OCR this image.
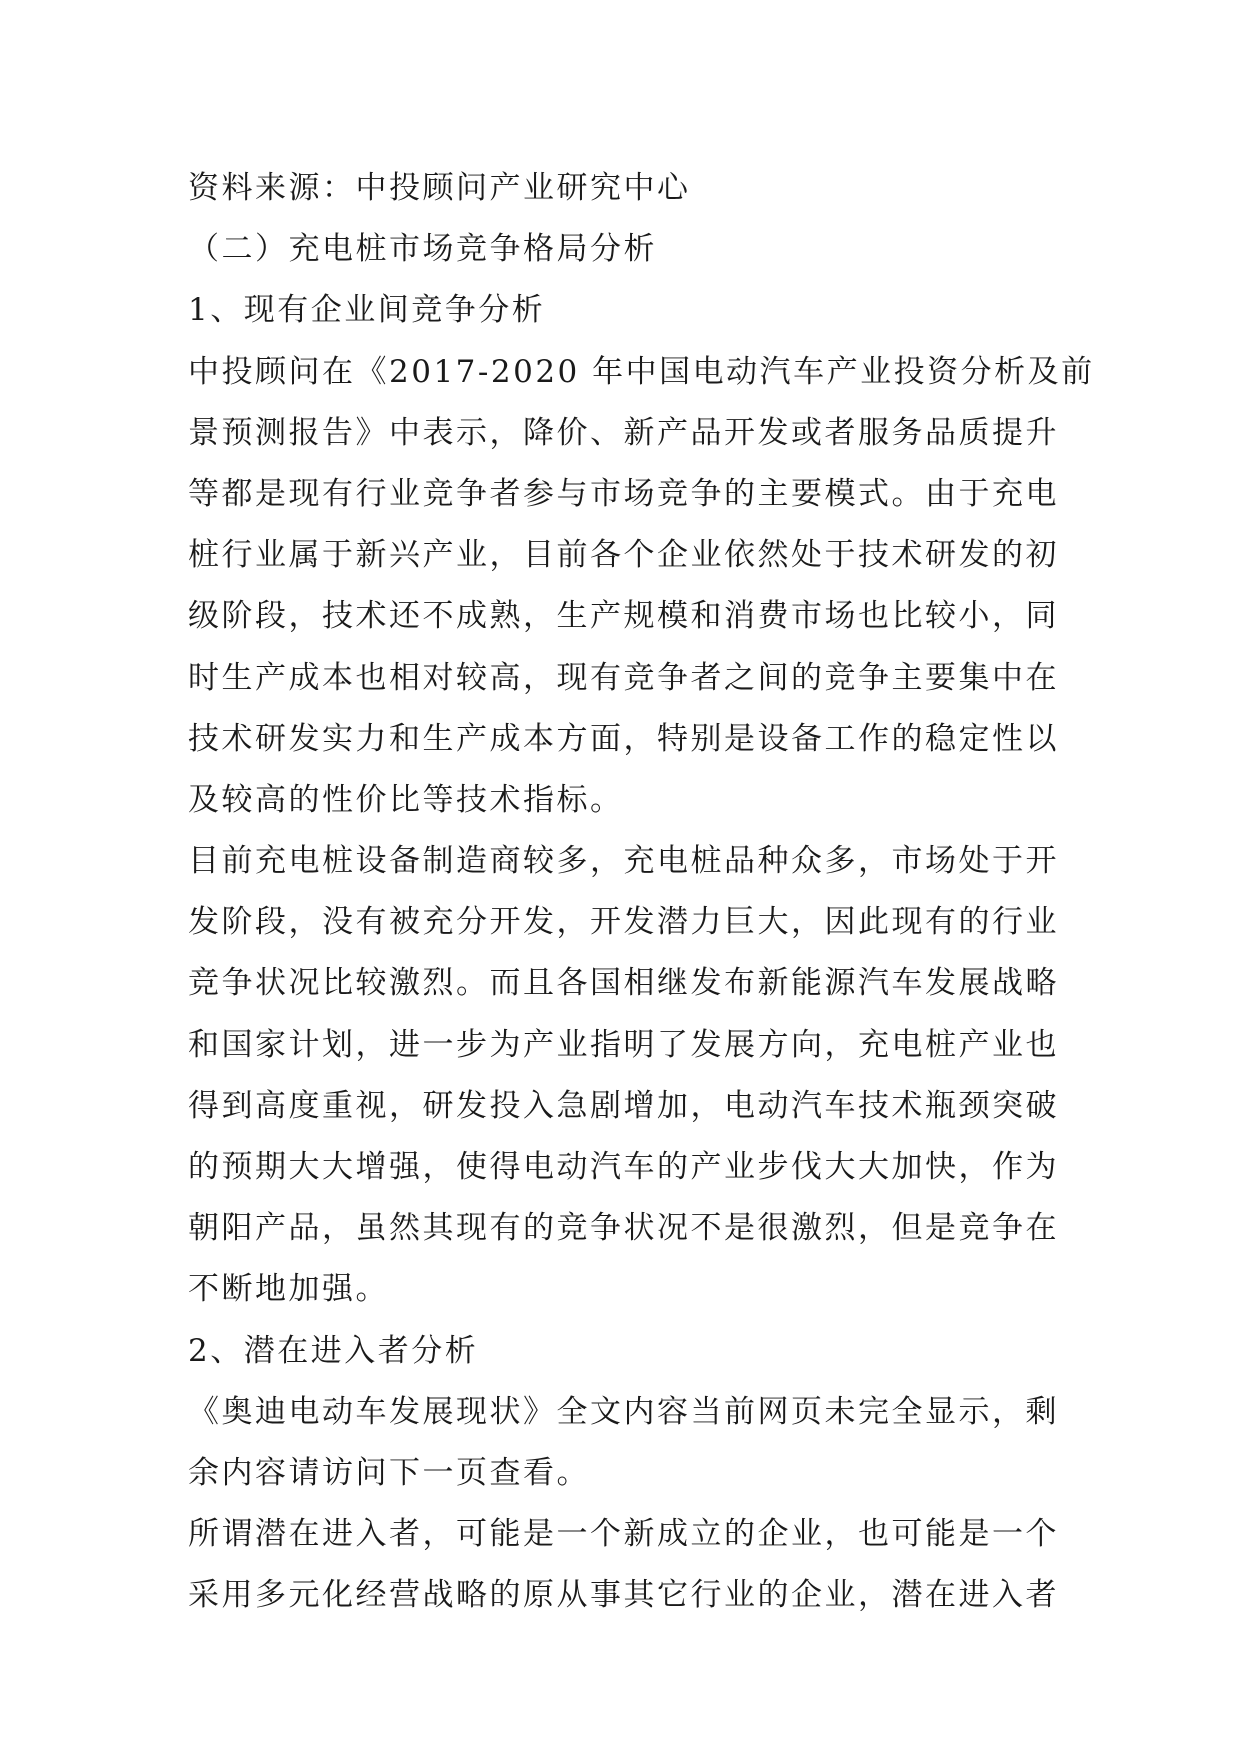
资料来源：中投顾问产业研究中心

（二）充电桩市场竞争格局分析

1、现有企业间竞争分析

中投顾问在《2017-2020 年中国电动汽车产业投资分析及前
景预测报告》中表示，降价、新产品开发或者服务品质提升
等都是现有行业竞争者参与市场竞争的主要模式。由于充电
桩行业属于新兴产业，目前各个企业依然处于技术研发的初
级阶段，技术还不成熟，生产规模和消费市场也比较小，同
时生产成本也相对较高，现有竞争者之间的竞争主要集中在
技术研发实力和生产成本方面，特别是设备工作的稳定性以
及较高的性价比等技术指标。

目前充电桩设备制造商较多，充电桩品种众多，市场处于开
发阶段，没有被充分开发，开发潜力巨大，因此现有的行业
竞争状况比较激烈。而且各国相继发布新能源汽车发展战略
和国家计划，进一步为产业指明了发展方向，充电桩产业也
得到高度重视，研发投入急剧增加，电动汽车技术瓶颈突破
的预期大大增强，使得电动汽车的产业步伐大大加快，作为
朝阳产品，虽然其现有的竞争状况不是很激烈，但是竞争在
不断地加强。

2、潜在进入者分析

《奥迪电动车发展现状》全文内容当前网页未完全显示，剩
余内容请访问下一页查看。

所谓潜在进入者，可能是一个新成立的企业，也可能是一个
采用多元化经营战略的原从事其它行业的企业，潜在进入者
